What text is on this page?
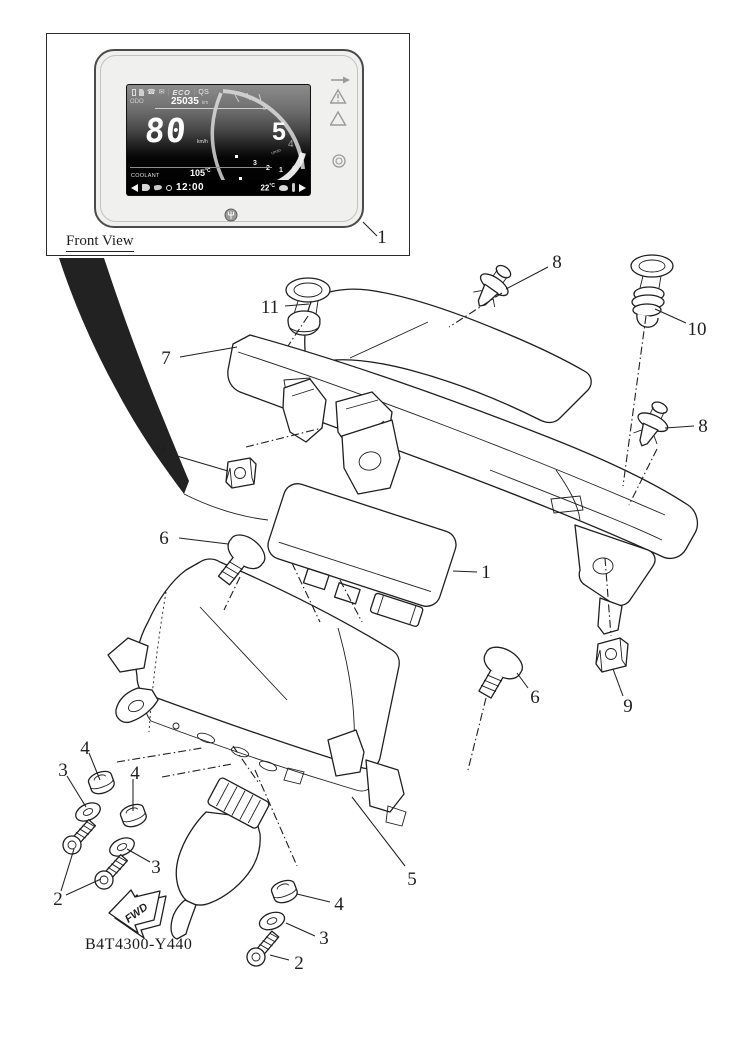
☎ ✉ | ECO | QS
ODO	25035 km
80 km/h	5 4
9
r/min
3
2 1 0
COOLANT	$105^{^\circ C}$
12:00	$22^{^\circ C}$
Front View
FWD
1
11
7
8
10
8
9
6
1
6	9
5
4
3	4
3
2	4
3
2
B4T4300-Y440
